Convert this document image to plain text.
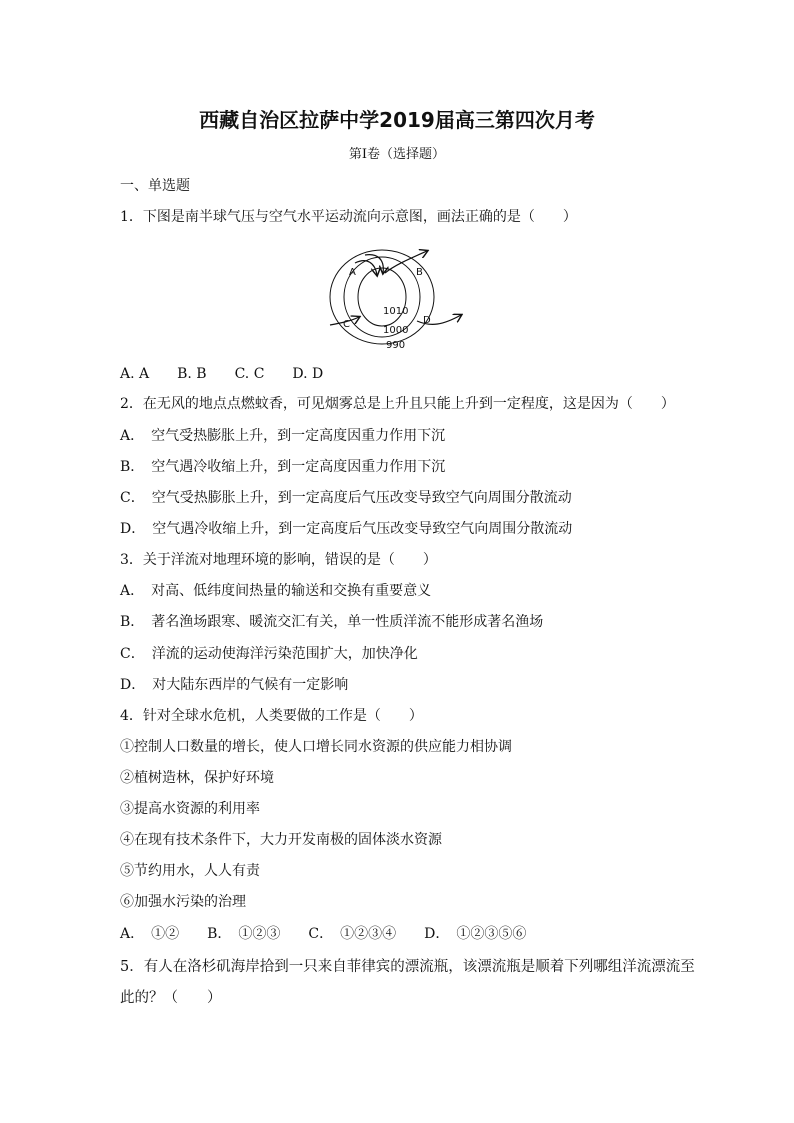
西藏自治区拉萨中学2019届高三第四次月考
第I卷（选择题）
一、单选题
1．下图是南半球气压与空气水平运动流向示意图，画法正确的是（　　）
A	B
C	D
1010
1000
990
A. A　　B. B　　C. C　　D. D
2．在无风的地点点燃蚊香，可见烟雾总是上升且只能上升到一定程度，这是因为（　　）
A．　空气受热膨胀上升，到一定高度因重力作用下沉
B．　空气遇冷收缩上升，到一定高度因重力作用下沉
C．　空气受热膨胀上升，到一定高度后气压改变导致空气向周围分散流动
D．　空气遇冷收缩上升，到一定高度后气压改变导致空气向周围分散流动
3．关于洋流对地理环境的影响，错误的是（　　）
A．　对高、低纬度间热量的输送和交换有重要意义
B．　著名渔场跟寒、暖流交汇有关，单一性质洋流不能形成著名渔场
C．　洋流的运动使海洋污染范围扩大，加快净化
D．　对大陆东西岸的气候有一定影响
4．针对全球水危机，人类要做的工作是（　　）
①控制人口数量的增长，使人口增长同水资源的供应能力相协调
②植树造林，保护好环境
③提高水资源的利用率
④在现有技术条件下，大力开发南极的固体淡水资源
⑤节约用水，人人有责
⑥加强水污染的治理
A．　①②　　B．　①②③　　C．　①②③④　　D．　①②③⑤⑥
5．有人在洛杉矶海岸拾到一只来自菲律宾的漂流瓶，该漂流瓶是顺着下列哪组洋流漂流至
此的？（　　）
